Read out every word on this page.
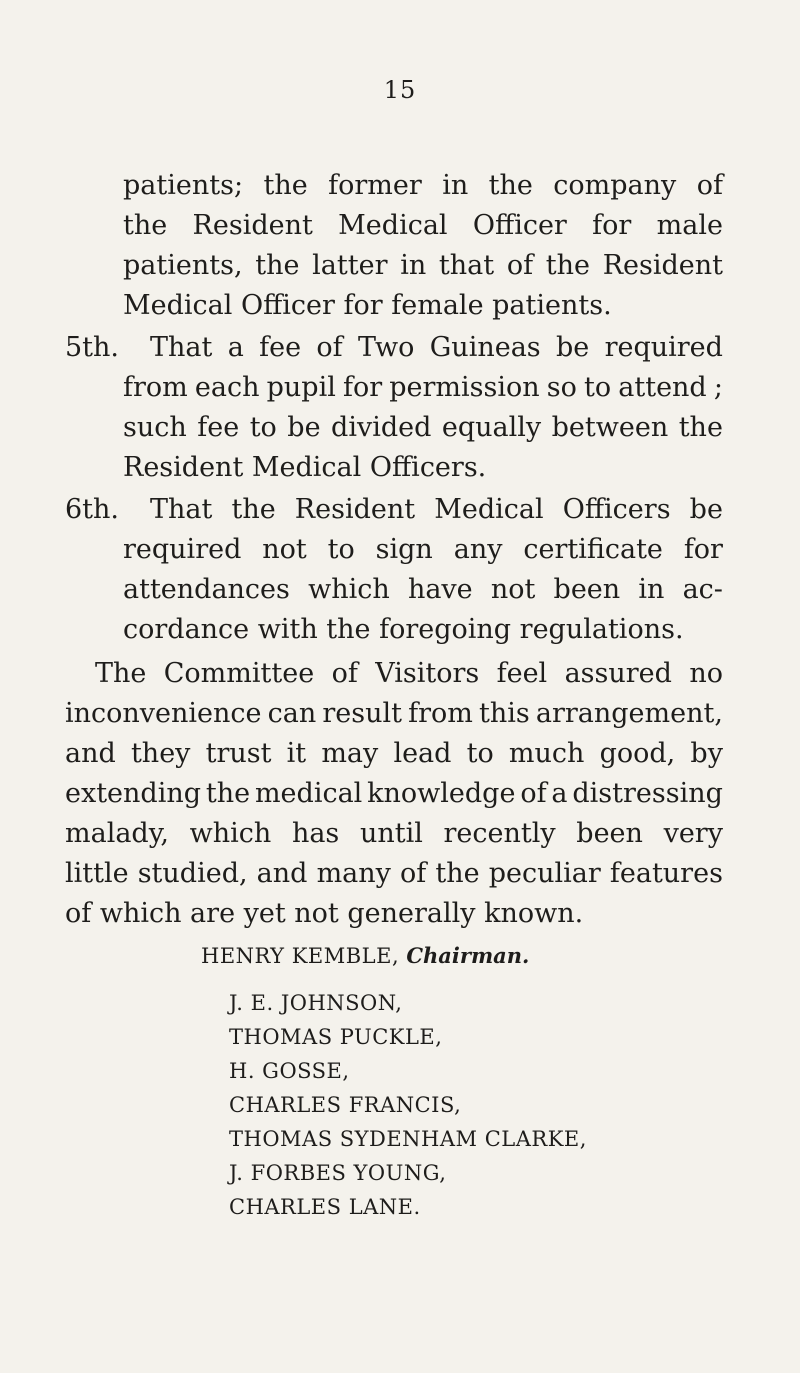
15
patients; the former in the company of
the Resident Medical Officer for male
patients, the latter in that of the Resident
Medical Officer for female patients.
5th. That a fee of Two Guineas be required
from each pupil for permission so to attend ;
such fee to be divided equally between the
Resident Medical Officers.
6th. That the Resident Medical Officers be
required not to sign any certificate for
attendances which have not been in ac-
cordance with the foregoing regulations.
The Committee of Visitors feel assured no
inconvenience can result from this arrangement,
and they trust it may lead to much good, by
extending the medical knowledge of a distressing
malady, which has until recently been very
little studied, and many of the peculiar features
of which are yet not generally known.
HENRY KEMBLE, Chairman.
J. E. JOHNSON,
THOMAS PUCKLE,
H. GOSSE,
CHARLES FRANCIS,
THOMAS SYDENHAM CLARKE,
J. FORBES YOUNG,
CHARLES LANE.
